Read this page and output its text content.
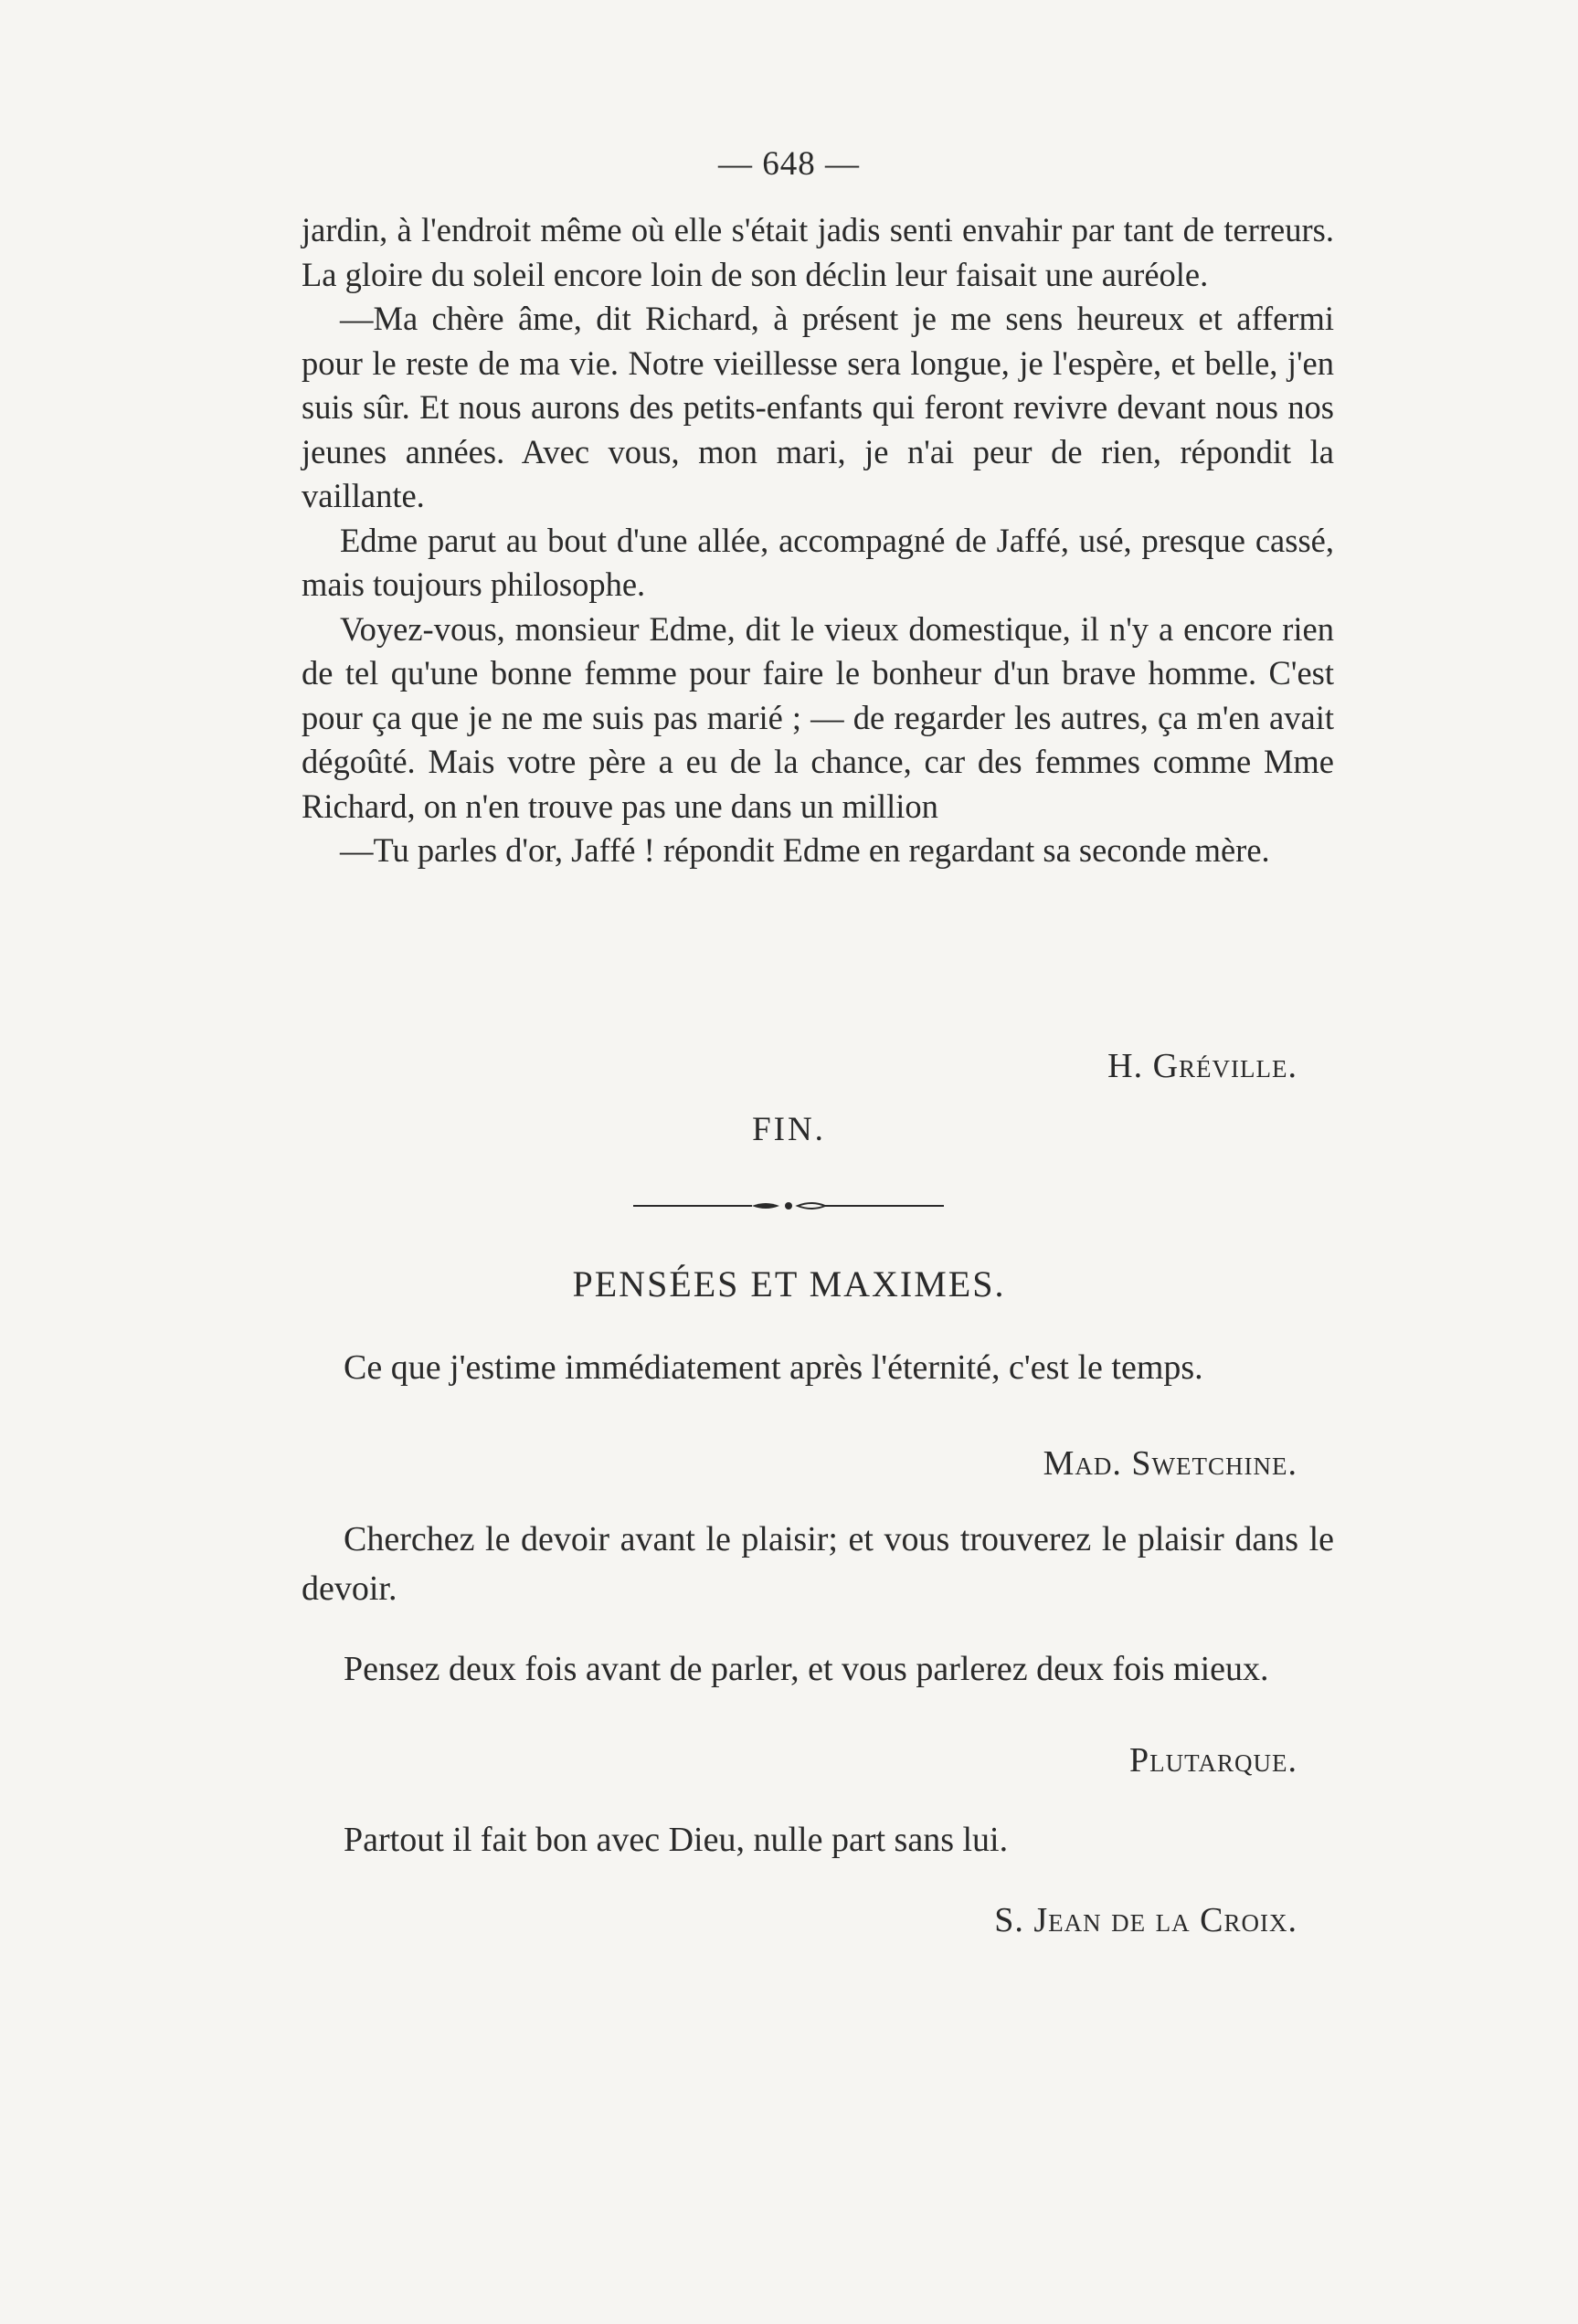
— 648 —

jardin, à l'endroit même où elle s'était jadis senti envahir par tant de terreurs. La gloire du soleil encore loin de son déclin leur faisait une auréole.

—Ma chère âme, dit Richard, à présent je me sens heureux et affermi pour le reste de ma vie. Notre vieillesse sera longue, je l'espère, et belle, j'en suis sûr. Et nous aurons des petits-enfants qui feront revivre devant nous nos jeunes années. Avec vous, mon mari, je n'ai peur de rien, répondit la vaillante.

Edme parut au bout d'une allée, accompagné de Jaffé, usé, presque cassé, mais toujours philosophe.

Voyez-vous, monsieur Edme, dit le vieux domestique, il n'y a encore rien de tel qu'une bonne femme pour faire le bonheur d'un brave homme. C'est pour ça que je ne me suis pas marié ; — de regarder les autres, ça m'en avait dégoûté. Mais votre père a eu de la chance, car des femmes comme Mme Richard, on n'en trouve pas une dans un million

—Tu parles d'or, Jaffé ! répondit Edme en regardant sa seconde mère.

H. Gréville.
FIN.
PENSÉES ET MAXIMES.

Ce que j'estime immédiatement après l'éternité, c'est le temps.

Mad. Swetchine.

Cherchez le devoir avant le plaisir; et vous trouverez le plaisir dans le devoir.

Pensez deux fois avant de parler, et vous parlerez deux fois mieux.

Plutarque.

Partout il fait bon avec Dieu, nulle part sans lui.

S. Jean de la Croix.
